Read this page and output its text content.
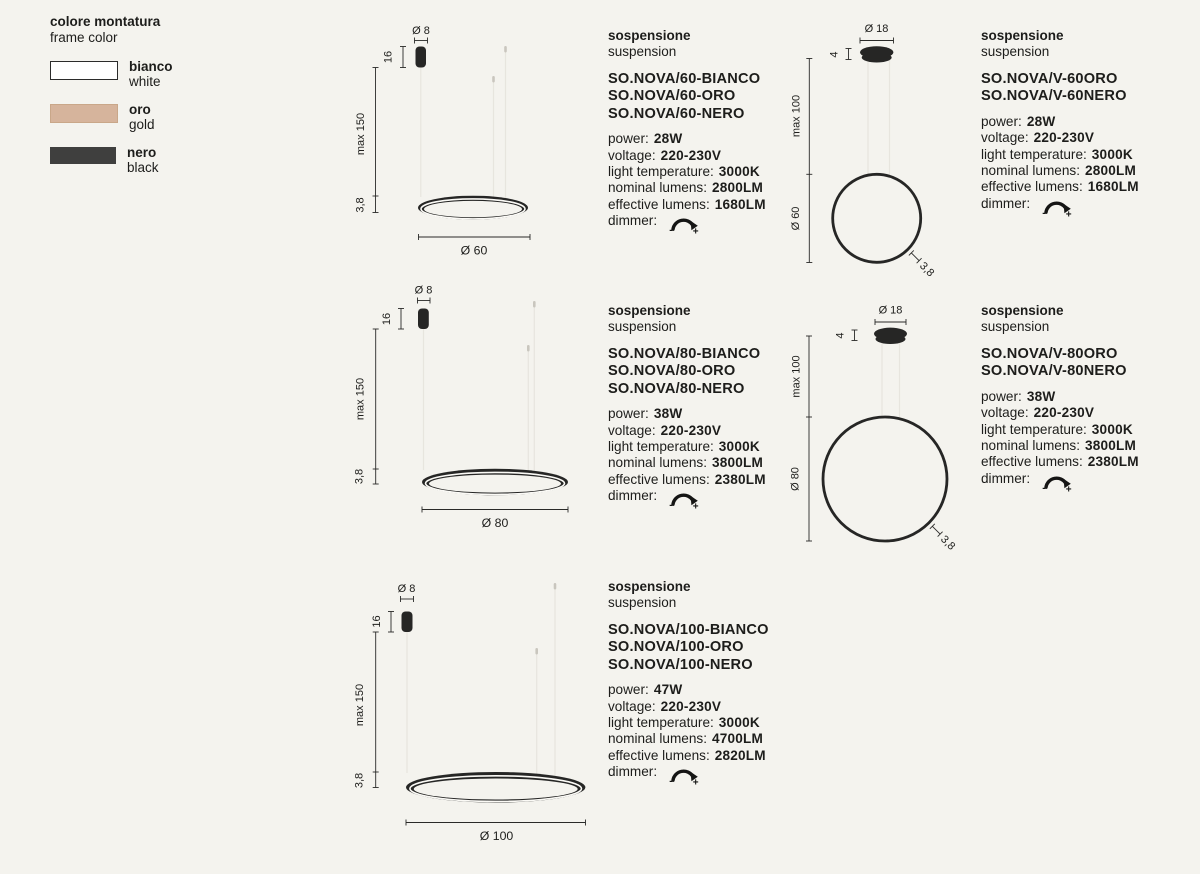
colore montatura
frame color
bianco
white
oro
gold
nero
black
Ø 8
16
max 150
3,8
Ø 60
Ø 18
4
max 100
Ø 60
3,8
Ø 8
16
max 150
3,8
Ø 80
Ø 18
4
max 100
Ø 80
3,8
Ø 8
16
max 150
3,8
Ø 100
sospensione
suspension
SO.NOVA/60-BIANCO
SO.NOVA/60-ORO
SO.NOVA/60-NERO
power: 28W
voltage: 220-230V
light temperature: 3000K
nominal lumens: 2800LM
effective lumens: 1680LM
dimmer:
- +
sospensione
suspension
SO.NOVA/V-60ORO
SO.NOVA/V-60NERO
power: 28W
voltage: 220-230V
light temperature: 3000K
nominal lumens: 2800LM
effective lumens: 1680LM
dimmer:
- +
sospensione
suspension
SO.NOVA/80-BIANCO
SO.NOVA/80-ORO
SO.NOVA/80-NERO
power: 38W
voltage: 220-230V
light temperature: 3000K
nominal lumens: 3800LM
effective lumens: 2380LM
dimmer:
- +
sospensione
suspension
SO.NOVA/V-80ORO
SO.NOVA/V-80NERO
power: 38W
voltage: 220-230V
light temperature: 3000K
nominal lumens: 3800LM
effective lumens: 2380LM
dimmer:
- +
sospensione
suspension
SO.NOVA/100-BIANCO
SO.NOVA/100-ORO
SO.NOVA/100-NERO
power: 47W
voltage: 220-230V
light temperature: 3000K
nominal lumens: 4700LM
effective lumens: 2820LM
dimmer:
- +
